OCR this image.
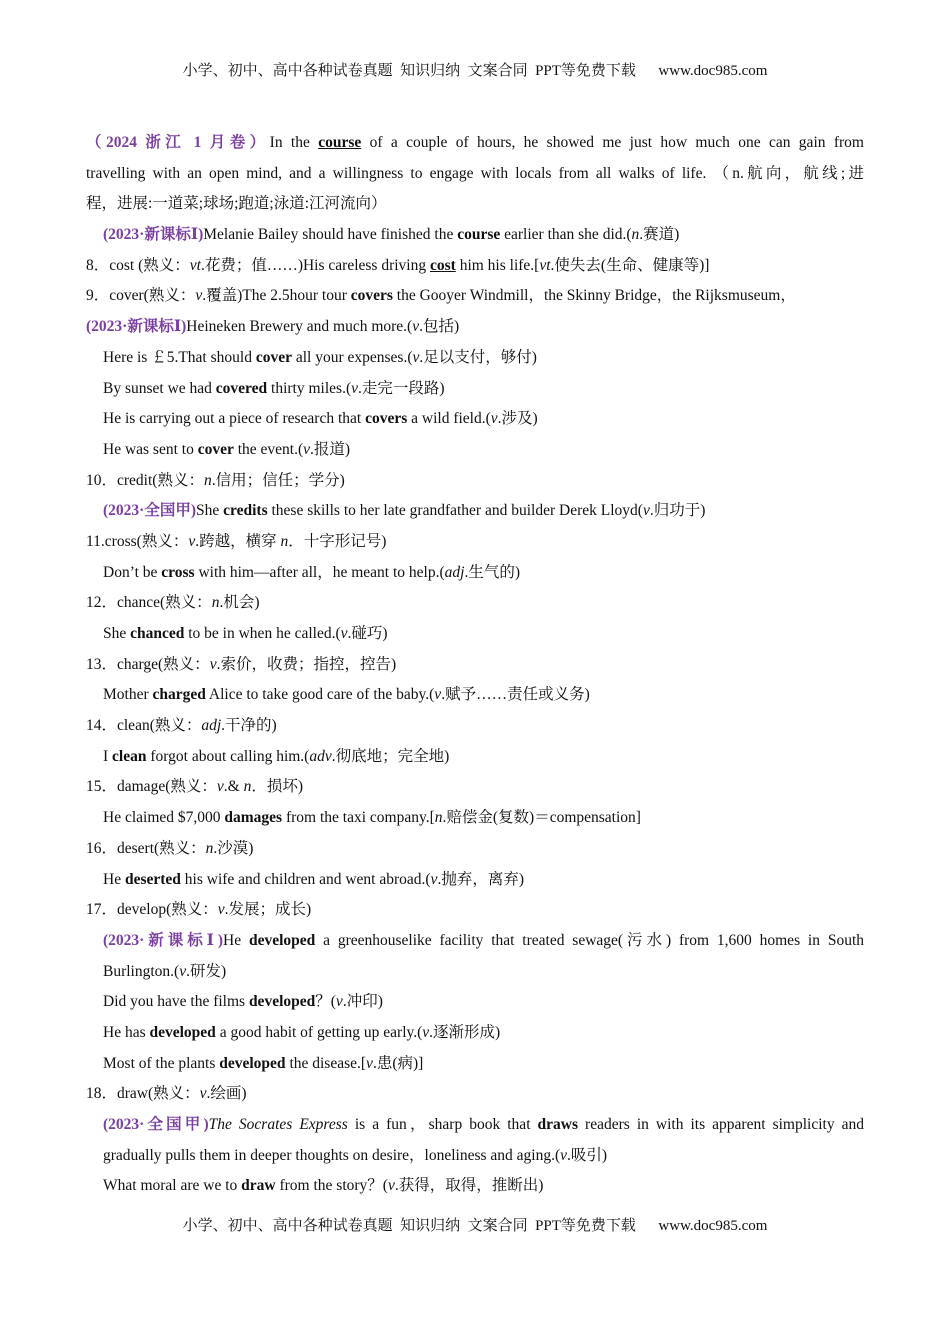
小学、初中、高中各种试卷真题  知识归纳  文案合同  PPT等免费下载      www.doc985.com
（2024 浙江 1 月卷）In the course of a couple of hours, he showed me just how much one can gain from
travelling with an open mind, and a willingness to engage with locals from all walks of life. （n.航向，航线;进
程，进展:一道菜;球场;跑道;泳道:江河流向）
(2023·新课标Ⅰ)Melanie Bailey should have finished the course earlier than she did.(n.赛道)
8．cost (熟义：vt.花费；值……)His careless driving cost him his life.[vt.使失去(生命、健康等)]
9．cover(熟义：v.覆盖)The 2.5hour tour covers the Gooyer Windmill，the Skinny Bridge，the Rijksmuseum，
(2023·新课标Ⅰ)Heineken Brewery and much more.(v.包括)
Here is ￡5.That should cover all your expenses.(v.足以支付，够付)
By sunset we had covered thirty miles.(v.走完一段路)
He is carrying out a piece of research that covers a wild field.(v.涉及)
He was sent to cover the event.(v.报道)
10．credit(熟义：n.信用；信任；学分)
(2023·全国甲)She credits these skills to her late grandfather and builder Derek Lloyd(v.归功于)
11.cross(熟义：v.跨越，横穿 n．十字形记号)
Don’t be cross with him—after all，he meant to help.(adj.生气的)
12．chance(熟义：n.机会)
She chanced to be in when he called.(v.碰巧)
13．charge(熟义：v.索价，收费；指控，控告)
Mother charged Alice to take good care of the baby.(v.赋予……责任或义务)
14．clean(熟义：adj.干净的)
I clean forgot about calling him.(adv.彻底地；完全地)
15．damage(熟义：v.& n．损坏)
He claimed $7,000 damages from the taxi company.[n.赔偿金(复数)＝compensation]
16．desert(熟义：n.沙漠)
He deserted his wife and children and went abroad.(v.抛弃，离弃)
17．develop(熟义：v.发展；成长)
(2023·新课标Ⅰ)He developed a greenhouselike facility that treated sewage(污水) from 1,600 homes in South
Burlington.(v.研发)
Did you have the films developed？(v.冲印)
He has developed a good habit of getting up early.(v.逐渐形成)
Most of the plants developed the disease.[v.患(病)]
18．draw(熟义：v.绘画)
(2023·全国甲)The Socrates Express is a fun，sharp book that draws readers in with its apparent simplicity and
gradually pulls them in deeper thoughts on desire，loneliness and aging.(v.吸引)
What moral are we to draw from the story？(v.获得，取得，推断出)
小学、初中、高中各种试卷真题  知识归纳  文案合同  PPT等免费下载      www.doc985.com
